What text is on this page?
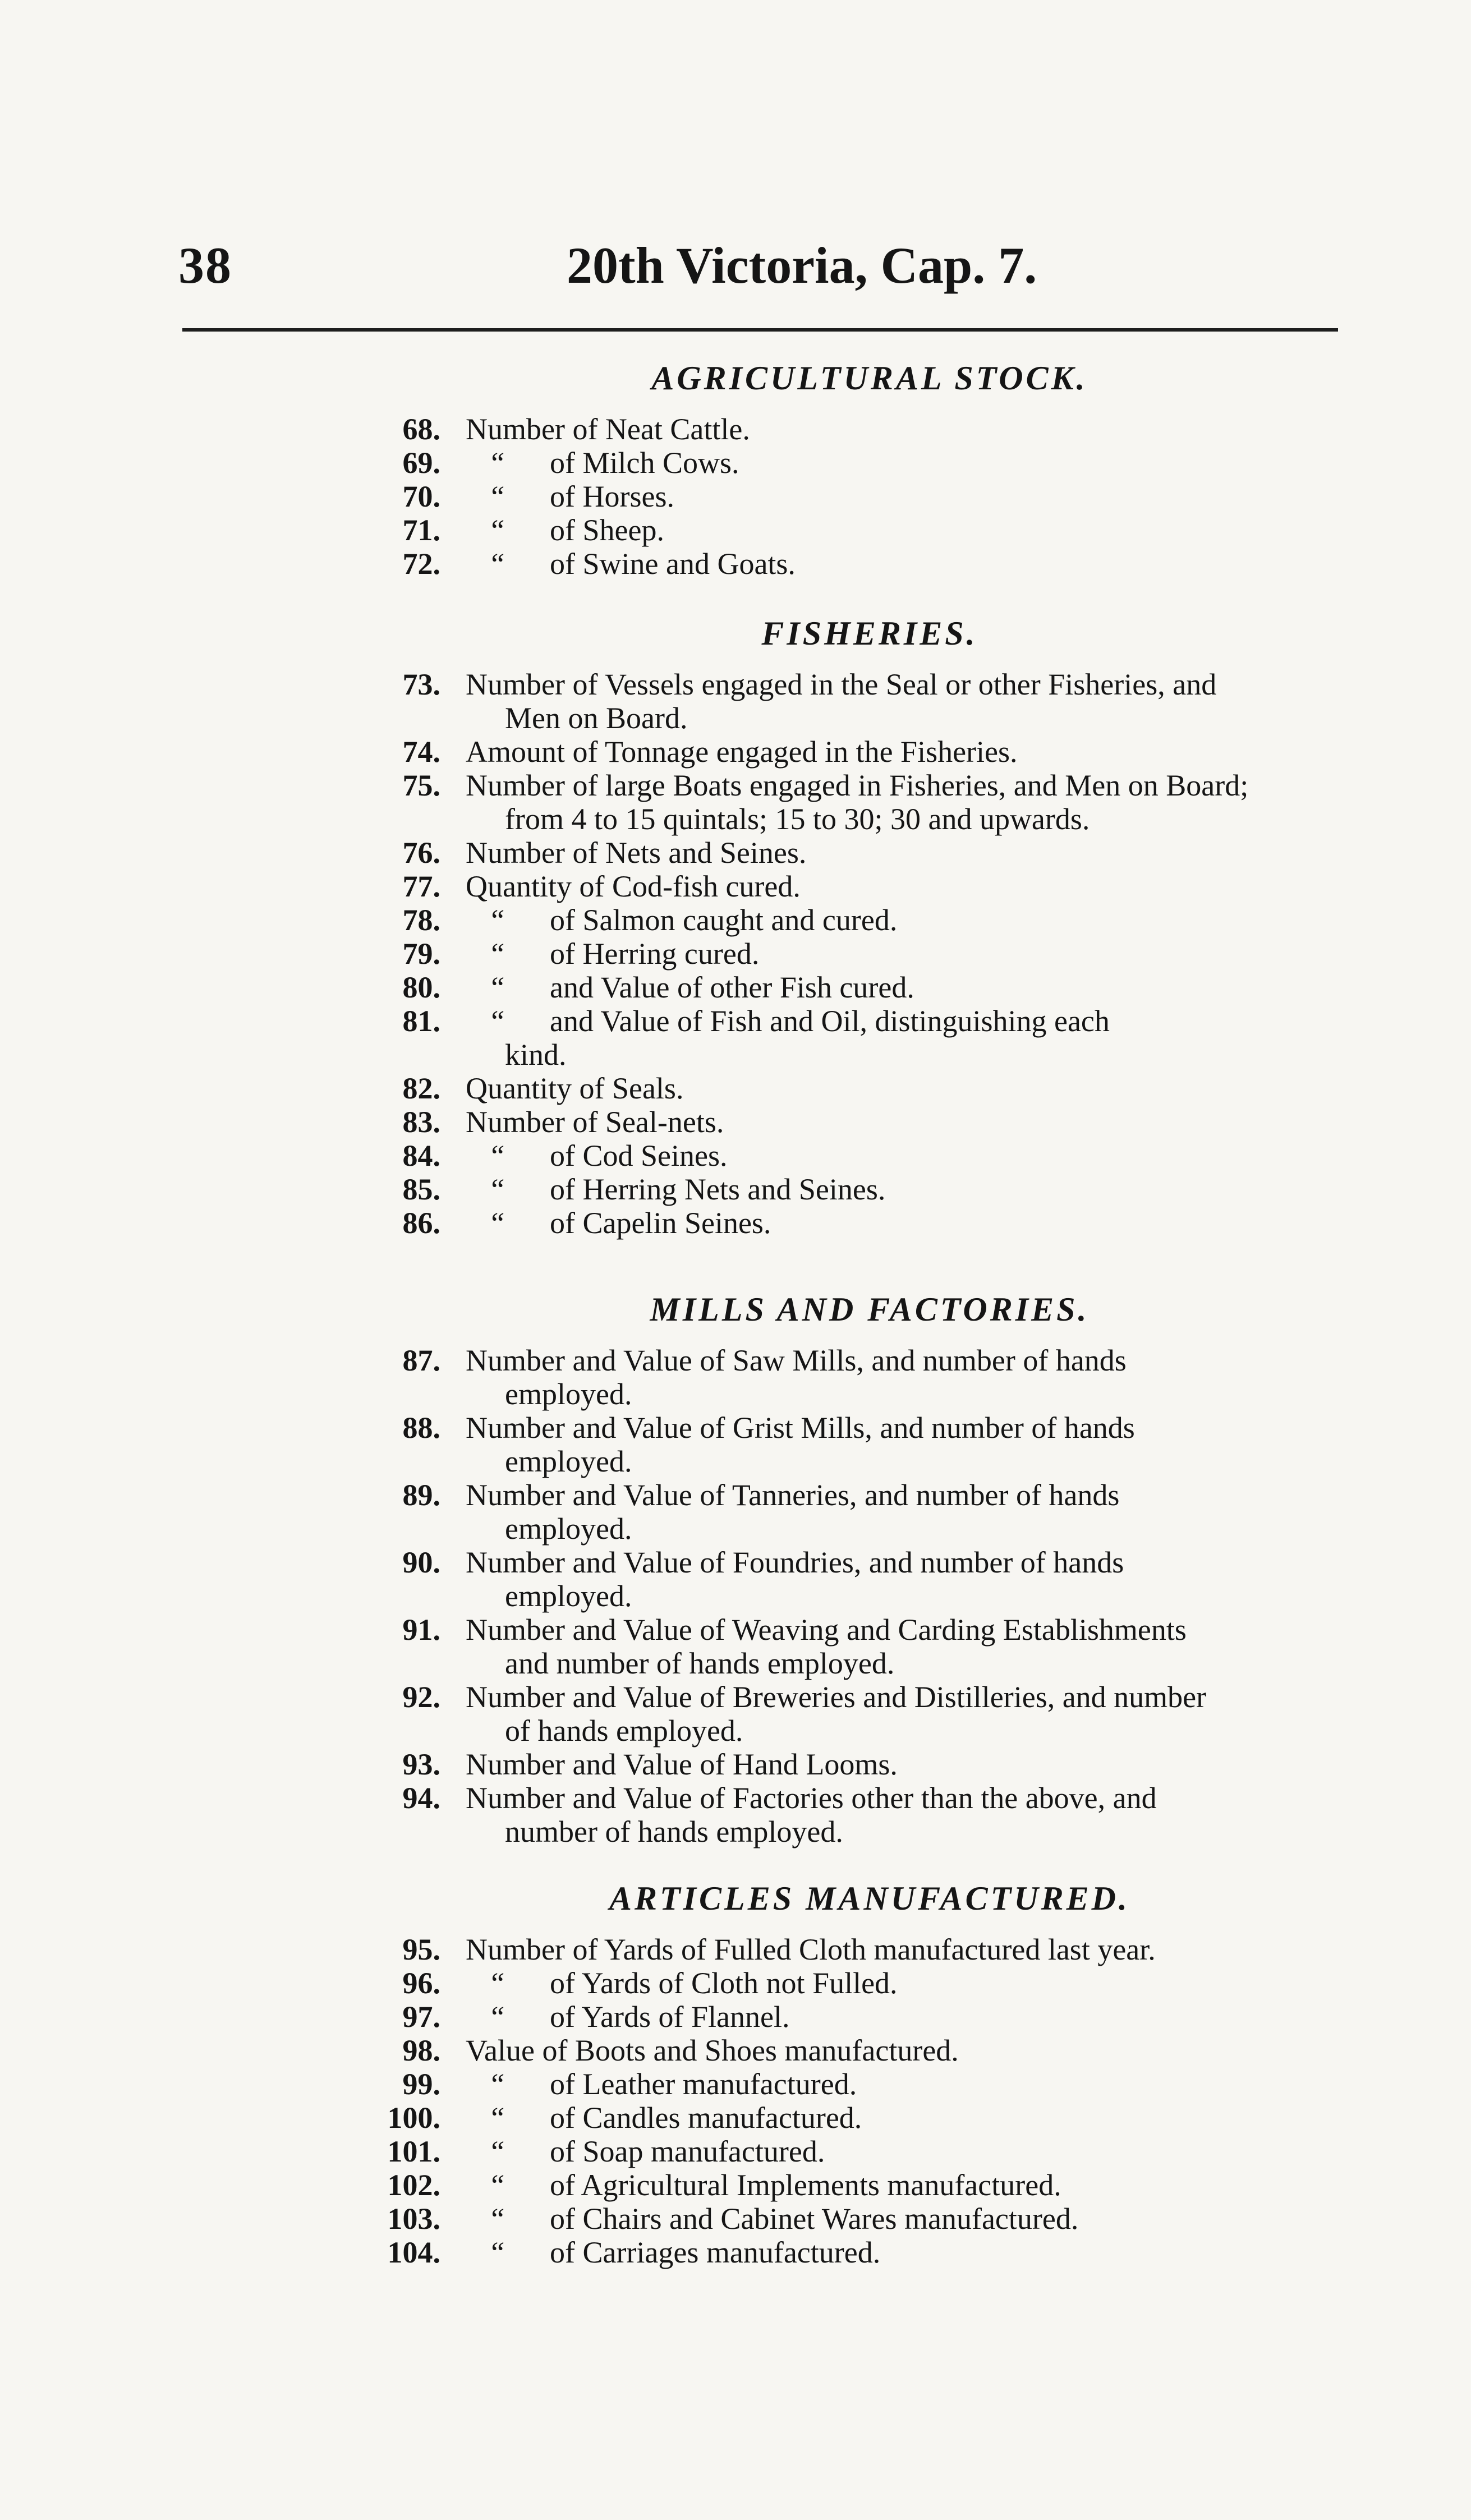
38	20th Victoria, Cap. 7.
AGRICULTURAL STOCK.
68. Number of Neat Cattle.
69.	“ of Milch Cows.
70.	“ of Horses.
71.	“ of Sheep.
72.	“ of Swine and Goats.
FISHERIES.
73. Number of Vessels engaged in the Seal or other Fisheries, and
Men on Board.
74. Amount of Tonnage engaged in the Fisheries.
75. Number of large Boats engaged in Fisheries, and Men on Board;
from 4 to 15 quintals; 15 to 30; 30 and upwards.
76. Number of Nets and Seines.
77. Quantity of Cod-fish cured.
78.	“ of Salmon caught and cured.
79.	“ of Herring cured.
80.	“ and Value of other Fish cured.
81.	“ and Value of Fish and Oil, distinguishing each
kind.
82. Quantity of Seals.
83. Number of Seal-nets.
84.	“ of Cod Seines.
85.	“ of Herring Nets and Seines.
86.	“ of Capelin Seines.
MILLS AND FACTORIES.
87. Number and Value of Saw Mills, and number of hands
employed.
88. Number and Value of Grist Mills, and number of hands
employed.
89. Number and Value of Tanneries, and number of hands
employed.
90. Number and Value of Foundries, and number of hands
employed.
91. Number and Value of Weaving and Carding Establishments
and number of hands employed.
92. Number and Value of Breweries and Distilleries, and number
of hands employed.
93. Number and Value of Hand Looms.
94. Number and Value of Factories other than the above, and
number of hands employed.
ARTICLES MANUFACTURED.
95. Number of Yards of Fulled Cloth manufactured last year.
96.	“ of Yards of Cloth not Fulled.
97.	“ of Yards of Flannel.
98. Value of Boots and Shoes manufactured.
99.	“ of Leather manufactured.
100.	“ of Candles manufactured.
101.	“ of Soap manufactured.
102.	“ of Agricultural Implements manufactured.
103.	“ of Chairs and Cabinet Wares manufactured.
104.	“ of Carriages manufactured.
